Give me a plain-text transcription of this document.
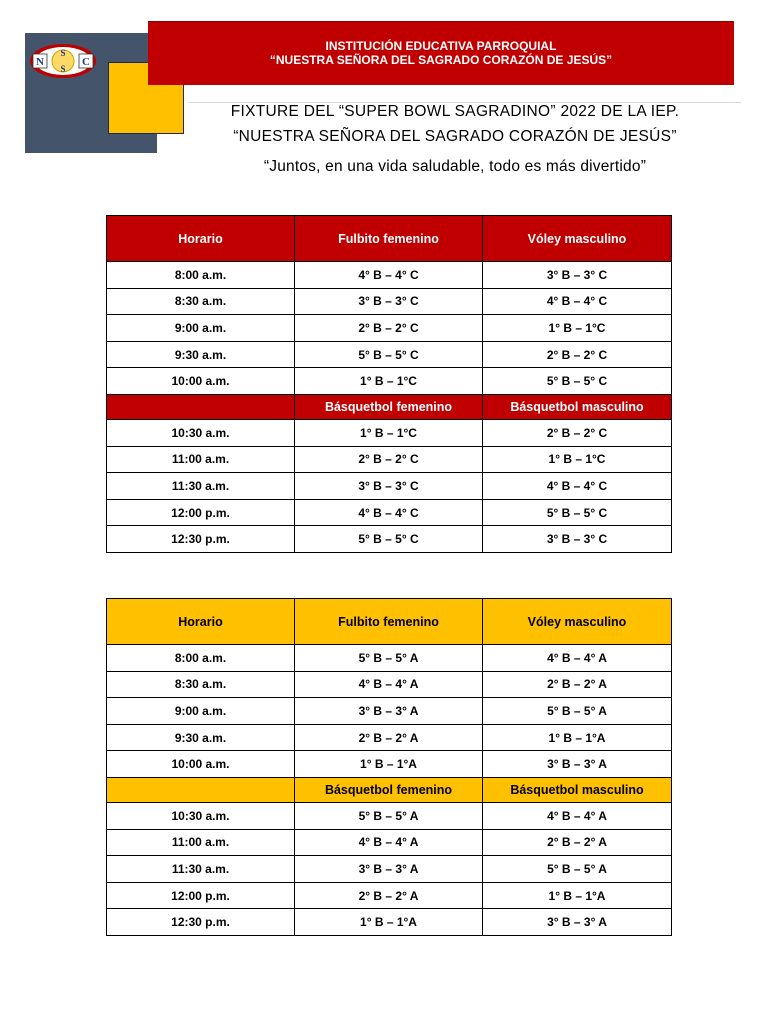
N
S
S
C
INSTITUCIÓN EDUCATIVA PARROQUIAL
“NUESTRA SEÑORA DEL SAGRADO CORAZÓN DE JESÚS”
FIXTURE DEL “SUPER BOWL SAGRADINO” 2022 DE LA IEP.
“NUESTRA SEÑORA DEL SAGRADO CORAZÓN DE JESÚS”
“Juntos, en una vida saludable, todo es más divertido”
Horario	Fulbito femenino	Vóley masculino
8:00 a.m.	4° B – 4° C	3° B – 3° C
8:30 a.m.	3° B – 3° C	4° B – 4° C
9:00 a.m.	2° B – 2° C	1° B – 1°C
9:30 a.m.	5° B – 5° C	2° B – 2° C
10:00 a.m.	1° B – 1°C	5° B – 5° C
	Básquetbol femenino	Básquetbol masculino
10:30 a.m.	1° B – 1°C	2° B – 2° C
11:00 a.m.	2° B – 2° C	1° B – 1°C
11:30 a.m.	3° B – 3° C	4° B – 4° C
12:00 p.m.	4° B – 4° C	5° B – 5° C
12:30 p.m.	5° B – 5° C	3° B – 3° C
Horario	Fulbito femenino	Vóley masculino
8:00 a.m.	5° B – 5° A	4° B – 4° A
8:30 a.m.	4° B – 4° A	2° B – 2° A
9:00 a.m.	3° B – 3° A	5° B – 5° A
9:30 a.m.	2° B – 2° A	1° B – 1°A
10:00 a.m.	1° B – 1°A	3° B – 3° A
	Básquetbol femenino	Básquetbol masculino
10:30 a.m.	5° B – 5° A	4° B – 4° A
11:00 a.m.	4° B – 4° A	2° B – 2° A
11:30 a.m.	3° B – 3° A	5° B – 5° A
12:00 p.m.	2° B – 2° A	1° B – 1°A
12:30 p.m.	1° B – 1°A	3° B – 3° A
